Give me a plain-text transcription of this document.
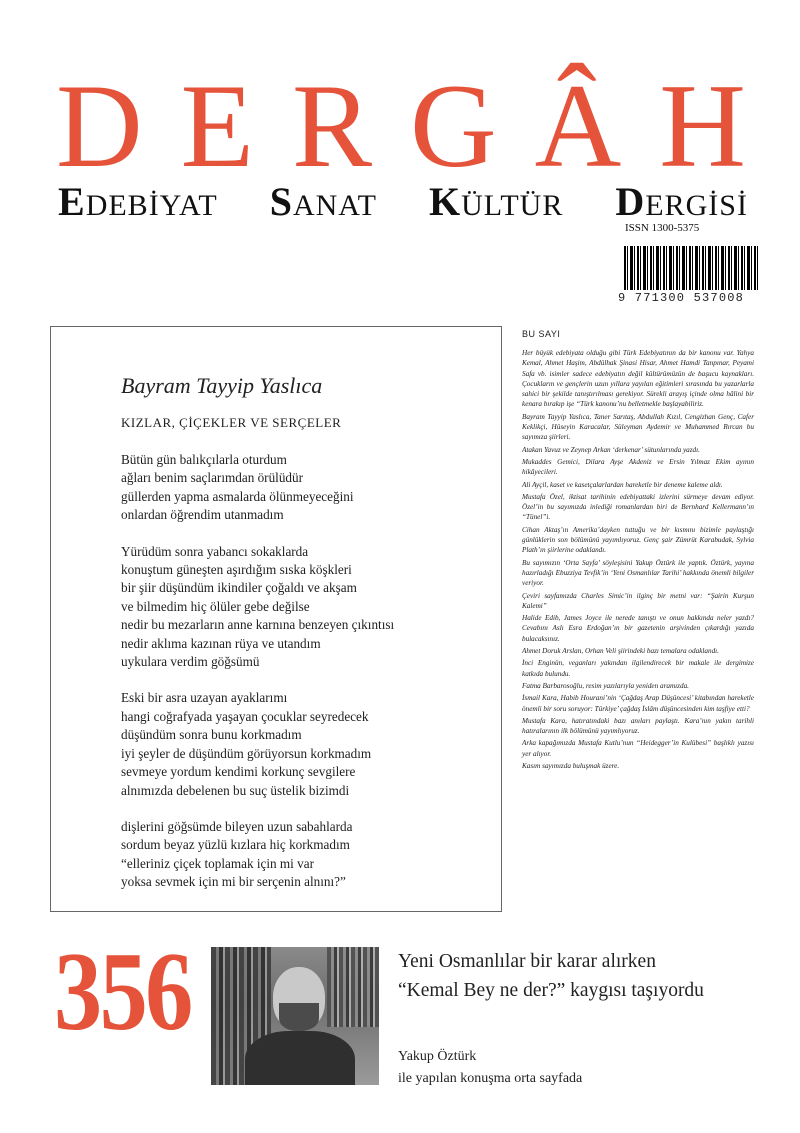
D E R G Â H
EDEBİYAT SANAT KÜLTÜR DERGİSİ
ISSN 1300-5375
9 771300 537008
Bayram Tayyip Yaslıca
KIZLAR, ÇİÇEKLER VE SERÇELER
Bütün gün balıkçılarla oturdum
ağları benim saçlarımdan örülüdür
güllerden yapma asmalarda ölünmeyeceğini
onlardan öğrendim utanmadım
Yürüdüm sonra yabancı sokaklarda
konuştum güneşten aşırdığım sıska köşkleri
bir şiir düşündüm ikindiler çoğaldı ve akşam
ve bilmedim hiç ölüler gebe değilse
nedir bu mezarların anne karnına benzeyen çıkıntısı
nedir aklıma kazınan rüya ve utandım
uykulara verdim göğsümü
Eski bir asra uzayan ayaklarımı
hangi coğrafyada yaşayan çocuklar seyredecek
düşündüm sonra bunu korkmadım
iyi şeyler de düşündüm görüyorsun korkmadım
sevmeye yordum kendimi korkunç sevgilere
alnımızda debelenen bu suç üstelik bizimdi
dişlerini göğsümde bileyen uzun sabahlarda
sordum beyaz yüzlü kızlara hiç korkmadım
“elleriniz çiçek toplamak için mi var
yoksa sevmek için mi bir serçenin alnını?”
BU SAYI
Her büyük edebiyata olduğu gibi Türk Edebiyatının da bir kanonu var. Yahya Kemal, Ahmet Haşim, Abdülhak Şinasi Hisar, Ahmet Hamdi Tanpınar, Peyami Safa vb. isimler sadece edebiyatın değil kültürümüzün de başucu kaynakları. Çocukların ve gençlerin uzun yıllara yayılan eğitimleri sırasında bu yazarlarla sahici bir şekilde tanıştırılması gerekiyor. Sürekli arayış içinde olma hâlini bir kenara bırakıp işe “Türk kanonu’nu belletmekle başlayabiliriz.
Bayram Tayyip Yaslıca, Taner Sarıtaş, Abdullah Kızıl, Cengizhan Genç, Cafer Keklikçi, Hüseyin Karacalar, Süleyman Aydemir ve Muhammed Rırcan bu sayımıza şiirleri.
Atakan Yavuz ve Zeynep Arkan ‘derkenar’ sütunlarında yazdı.
Mukaddes Gemici, Dilara Ayşe Akdeniz ve Ersin Yılmaz Ekim ayının hikâyecileri.
Ali Ayçil, kaset ve kasetçalarlardan hareketle bir deneme kaleme aldı.
Mustafa Özel, iktisat tarihinin edebiyattaki izlerini sürmeye devam ediyor. Özel’in bu sayımızda inlediği romanlardan biri de Bernhard Kellermann’ın “Tünel”i.
Cihan Aktaş’ın Amerika’dayken tuttuğu ve bir kısmını bizimle paylaştığı günlüklerin son bölümünü yayımlıyoruz. Genç şair Zümrüt Karabudak, Sylvia Plath’ın şiirlerine odaklandı.
Bu sayımızın ‘Orta Sayfa’ söyleşisini Yakup Öztürk ile yaptık. Öztürk, yayına hazırladığı Ebuzziya Tevfik’in ‘Yeni Osmanlılar Tarihi’ hakkında önemli bilgiler veriyor.
Çeviri sayfamızda Charles Simic’in ilginç bir metni var: “Şairin Kurşun Kalemi”
Halide Edib, James Joyce ile nerede tanıştı ve onun hakkında neler yazdı? Cevabını Aslı Esra Erdoğan’ın bir gazetenin arşivinden çıkardığı yazıda bulacaksınız.
Ahmet Doruk Arslan, Orhan Veli şiirindeki bazı temalara odaklandı.
İnci Enginün, veganları yakından ilgilendirecek bir makale ile dergimize katkıda bulundu.
Fatma Barbarosoğlu, resim yazılarıyla yeniden aramızda.
İsmail Kara, Habib Hourani’nin ‘Çağdaş Arap Düşüncesi’ kitabından hareketle önemli bir soru soruyor: Türkiye’ çağdaş İslâm düşüncesinden kim taşfiye etti?
Mustafa Kara, hatıratındaki bazı anıları paylaştı. Kara’nın yakın tarihli hatıralarının ilk bölümünü yayımlıyoruz.
Arka kapağımızda Mustafa Kutlu’nun “Heidegger’in Kulübesi” başlıklı yazısı yer alıyor.
Kasım sayımızda buluşmak üzere.
356	Yeni Osmanlılar bir karar alırken
“Kemal Bey ne der?” kaygısı taşıyordu
Yakup Öztürk
ile yapılan konuşma orta sayfada
